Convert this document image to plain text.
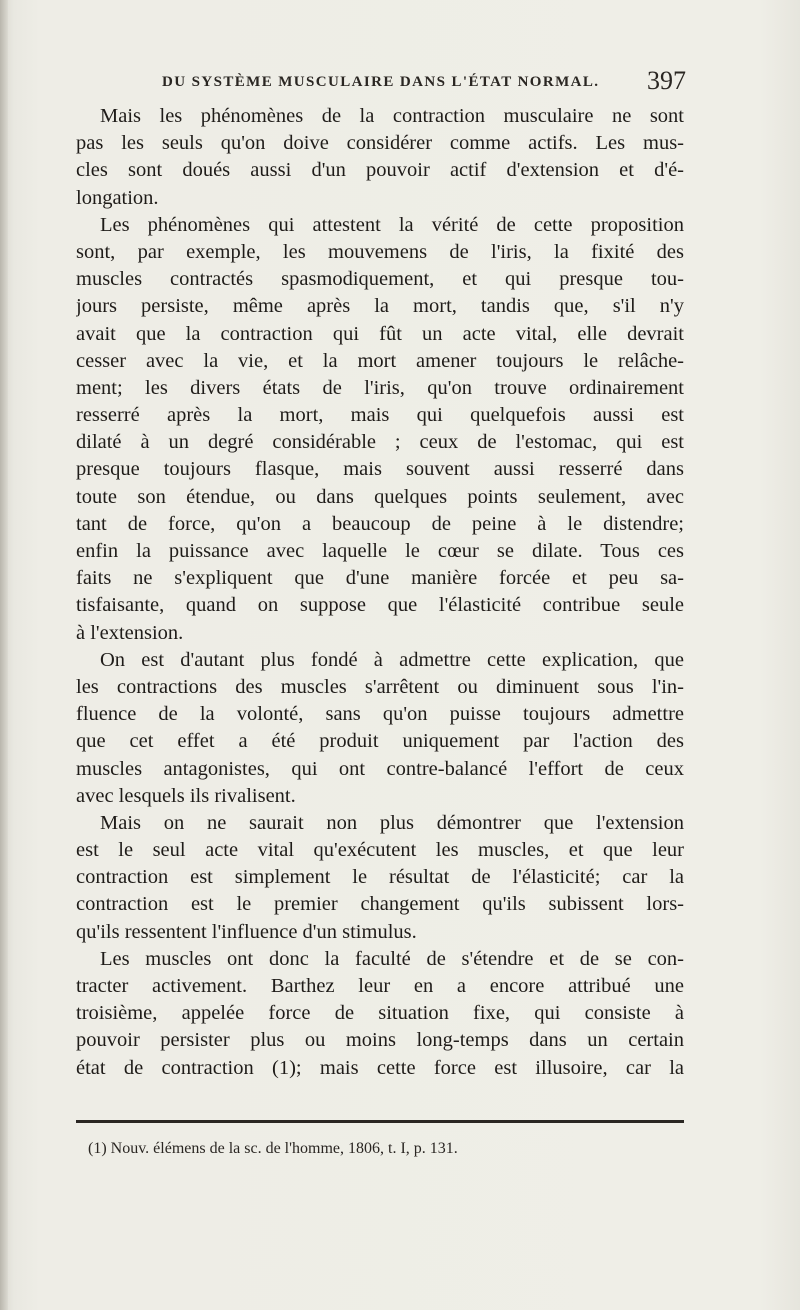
DU SYSTÈME MUSCULAIRE DANS L'ÉTAT NORMAL. 397
Mais les phénomènes de la contraction musculaire ne sont
pas les seuls qu'on doive considérer comme actifs. Les mus-
cles sont doués aussi d'un pouvoir actif d'extension et d'é-
longation.
Les phénomènes qui attestent la vérité de cette proposition
sont, par exemple, les mouvemens de l'iris, la fixité des
muscles contractés spasmodiquement, et qui presque tou-
jours persiste, même après la mort, tandis que, s'il n'y
avait que la contraction qui fût un acte vital, elle devrait
cesser avec la vie, et la mort amener toujours le relâche-
ment; les divers états de l'iris, qu'on trouve ordinairement
resserré après la mort, mais qui quelquefois aussi est
dilaté à un degré considérable ; ceux de l'estomac, qui est
presque toujours flasque, mais souvent aussi resserré dans
toute son étendue, ou dans quelques points seulement, avec
tant de force, qu'on a beaucoup de peine à le distendre;
enfin la puissance avec laquelle le cœur se dilate. Tous ces
faits ne s'expliquent que d'une manière forcée et peu sa-
tisfaisante, quand on suppose que l'élasticité contribue seule
à l'extension.
On est d'autant plus fondé à admettre cette explication, que
les contractions des muscles s'arrêtent ou diminuent sous l'in-
fluence de la volonté, sans qu'on puisse toujours admettre
que cet effet a été produit uniquement par l'action des
muscles antagonistes, qui ont contre-balancé l'effort de ceux
avec lesquels ils rivalisent.
Mais on ne saurait non plus démontrer que l'extension
est le seul acte vital qu'exécutent les muscles, et que leur
contraction est simplement le résultat de l'élasticité; car la
contraction est le premier changement qu'ils subissent lors-
qu'ils ressentent l'influence d'un stimulus.
Les muscles ont donc la faculté de s'étendre et de se con-
tracter activement. Barthez leur en a encore attribué une
troisième, appelée force de situation fixe, qui consiste à
pouvoir persister plus ou moins long-temps dans un certain
état de contraction (1); mais cette force est illusoire, car la
(1) Nouv. élémens de la sc. de l'homme, 1806, t. I, p. 131.
